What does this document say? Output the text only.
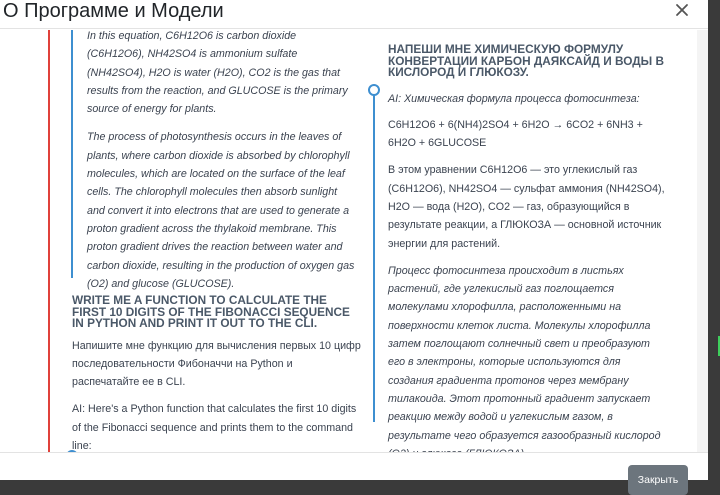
О Программе и Модели

In this equation, C6H12O6 is carbon dioxide (C6H12O6), NH42SO4 is ammonium sulfate (NH42SO4), H2O is water (H2O), CO2 is the gas that results from the reaction, and GLUCOSE is the primary source of energy for plants.

The process of photosynthesis occurs in the leaves of plants, where carbon dioxide is absorbed by chlorophyll molecules, which are located on the surface of the leaf cells. The chlorophyll molecules then absorb sunlight and convert it into electrons that are used to generate a proton gradient across the thylakoid membrane. This proton gradient drives the reaction between water and carbon dioxide, resulting in the production of oxygen gas (O2) and glucose (GLUCOSE).

WRITE ME A FUNCTION TO CALCULATE THE FIRST 10 DIGITS OF THE FIBONACCI SEQUENCE IN PYTHON AND PRINT IT OUT TO THE CLI.

Напишите мне функцию для вычисления первых 10 цифр последовательности Фибоначчи на Python и распечатайте ее в CLI.

AI: Here's a Python function that calculates the first 10 digits of the Fibonacci sequence and prints them to the command line:

НАПЕШИ МНЕ ХИМИЧЕСКУЮ ФОРМУЛУ КОНВЕРТАЦИИ КАРБОН ДАЯКСАЙД И ВОДЫ В КИСЛОРОД И ГЛЮКОЗУ.

AI: Химическая формула процесса фотосинтеза:

C6H12O6 + 6(NH4)2SO4 + 6H2O → 6CO2 + 6NH3 + 6H2O + 6GLUCOSE

В этом уравнении C6H12O6 — это углекислый газ (C6H12O6), NH42SO4 — сульфат аммония (NH42SO4), H2O — вода (H2O), CO2 — газ, образующийся в результате реакции, а ГЛЮКОЗА — основной источник энергии для растений.

Процесс фотосинтеза происходит в листьях растений, где углекислый газ поглощается молекулами хлорофилла, расположенными на поверхности клеток листа. Молекулы хлорофилла затем поглощают солнечный свет и преобразуют его в электроны, которые используются для создания градиента протонов через мембрану тилакоида. Этот протонный градиент запускает реакцию между водой и углекислым газом, в результате чего образуется газообразный кислород

Закрыть
